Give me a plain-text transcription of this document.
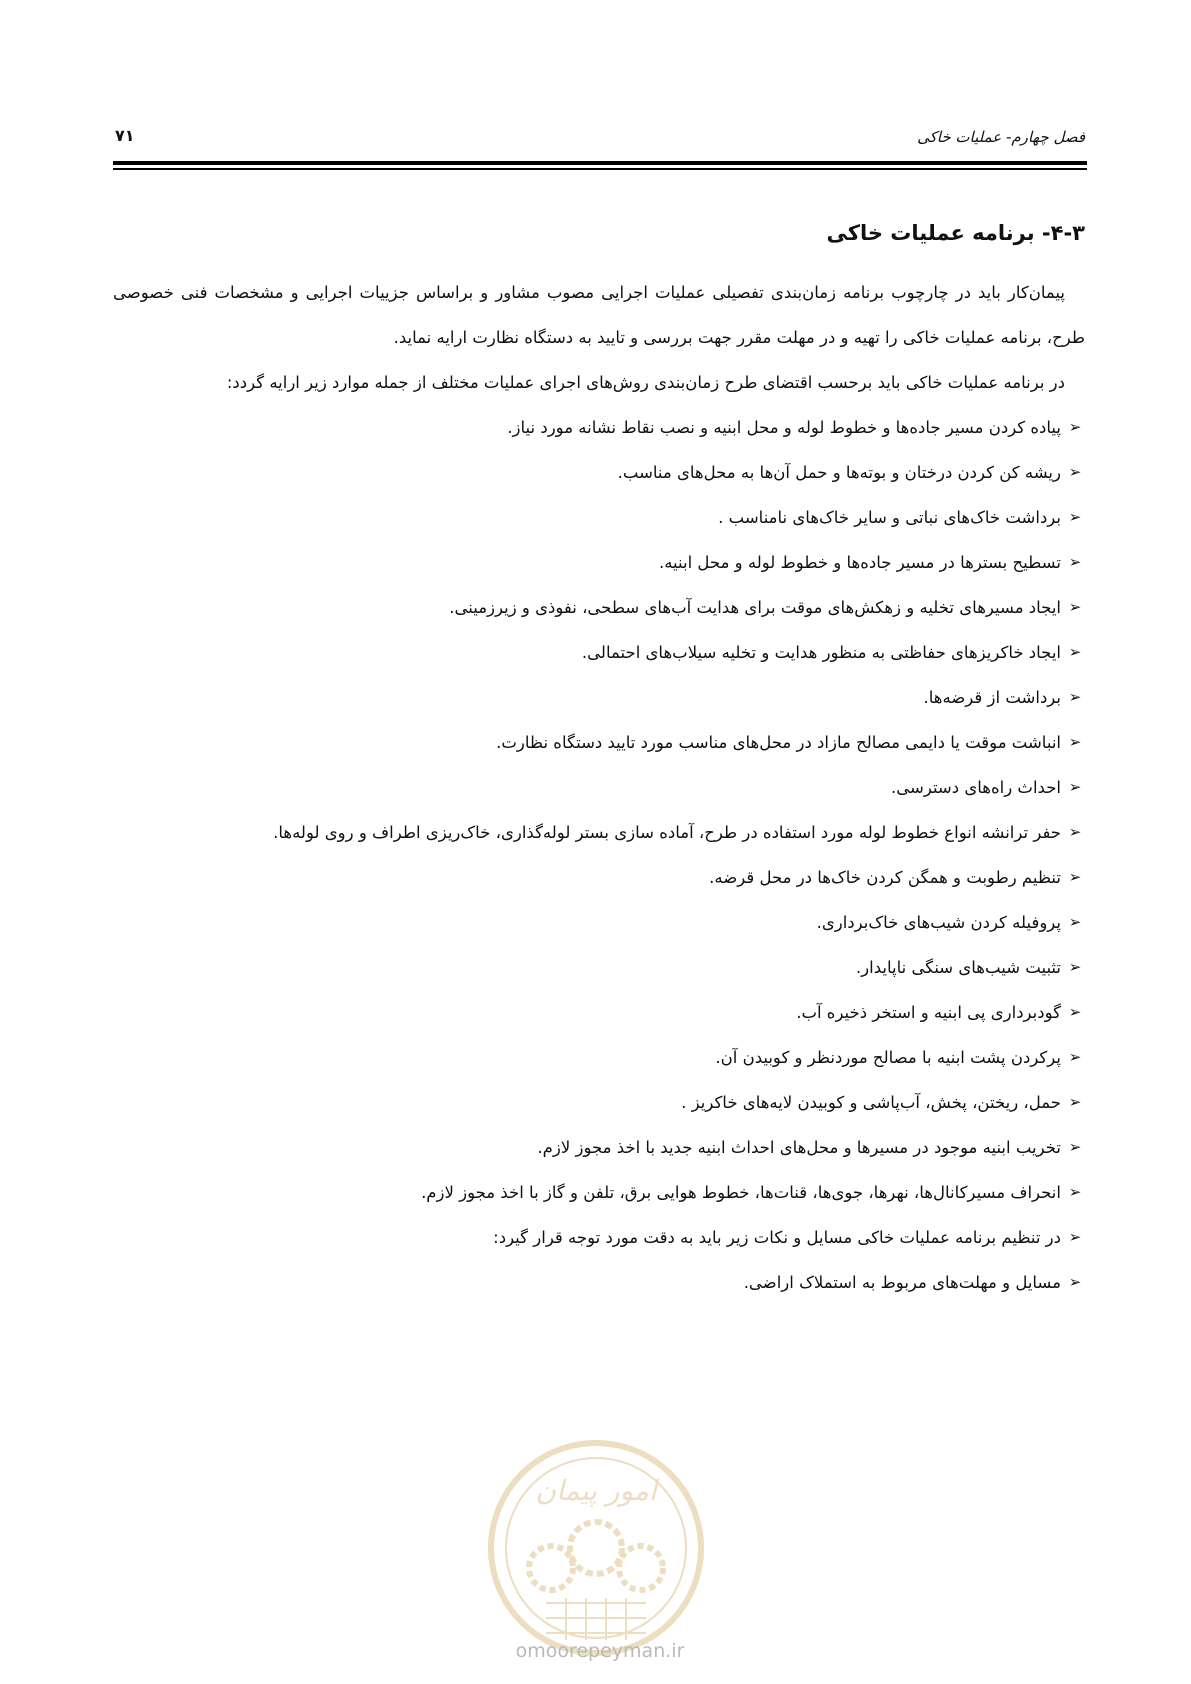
فصل چهارم- عملیات خاکی
۷۱
۴-۳- برنامه عملیات خاکی

پیمان‌کار باید در چارچوب برنامه زمان‌بندی تفصیلی عملیات اجرایی مصوب مشاور و براساس جزییات اجرایی و مشخصات فنی خصوصی طرح، برنامه عملیات خاکی را تهیه و در مهلت مقرر جهت بررسی و تایید به دستگاه نظارت ارایه نماید.

در برنامه عملیات خاکی باید برحسب اقتضای طرح زمان‌بندی روش‌های اجرای عملیات مختلف از جمله موارد زیر ارایه گردد:

➢
پیاده کردن مسیر جاده‌ها و خطوط لوله و محل ابنیه و نصب نقاط نشانه مورد نیاز.
➢
ریشه کن کردن درختان و بوته‌ها و حمل آن‌ها به محل‌های مناسب.
➢
برداشت خاک‌های نباتی و سایر خاک‌های نامناسب .
➢
تسطیح بسترها در مسیر جاده‌ها و خطوط لوله و محل ابنیه.
➢
ایجاد مسیرهای تخلیه و زهکش‌های موقت برای هدایت آب‌های سطحی، نفوذی و زیرزمینی.
➢
ایجاد خاکریزهای حفاظتی به منظور هدایت و تخلیه سیلاب‌های احتمالی.
➢
برداشت از قرضه‌ها.
➢
انباشت موقت یا دایمی مصالح مازاد در محل‌های مناسب مورد تایید دستگاه نظارت.
➢
احداث راه‌های دسترسی.
➢
حفر ترانشه انواع خطوط لوله مورد استفاده در طرح، آماده سازی بستر لوله‌گذاری، خاک‌ریزی اطراف و روی لوله‌ها.
➢
تنظیم رطوبت و همگن کردن خاک‌ها در محل قرضه.
➢
پروفیله کردن شیب‌های خاک‌برداری.
➢
تثبیت شیب‌های سنگی ناپایدار.
➢
گودبرداری پی ابنیه و استخر ذخیره آب.
➢
پرکردن پشت ابنیه با مصالح موردنظر و کوبیدن آن.
➢
حمل، ریختن، پخش، آب‌پاشی و کوبیدن لایه‌های خاکریز .
➢
تخریب ابنیه موجود در مسیرها و محل‌های احداث ابنیه جدید با اخذ مجوز لازم.
➢
انحراف مسیرکانال‌ها، نهرها، جوی‌ها، قنات‌ها، خطوط هوایی برق، تلفن و گاز با اخذ مجوز لازم.
➢
در تنظیم برنامه عملیات خاکی مسایل و نکات زیر باید به دقت مورد توجه قرار گیرد:
➢
مسایل و مهلت‌های مربوط به استملاک اراضی.
امور پیمان
omoorepeyman.ir
